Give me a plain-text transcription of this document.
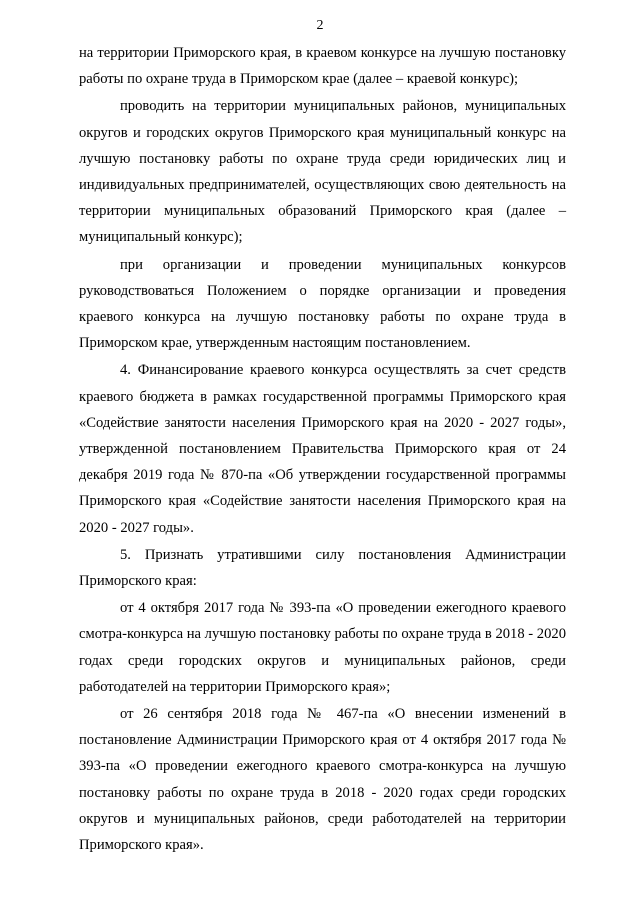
2

на территории Приморского края, в краевом конкурсе на лучшую постановку работы по охране труда в Приморском крае (далее – краевой конкурс);

проводить на территории муниципальных районов, муниципальных округов и городских округов Приморского края муниципальный конкурс на лучшую постановку работы по охране труда среди юридических лиц и индивидуальных предпринимателей, осуществляющих свою деятельность на территории муниципальных образований Приморского края (далее – муниципальный конкурс);

при организации и проведении муниципальных конкурсов руководствоваться Положением о порядке организации и проведения краевого конкурса на лучшую постановку работы по охране труда в Приморском крае, утвержденным настоящим постановлением.

4. Финансирование краевого конкурса осуществлять за счет средств краевого бюджета в рамках государственной программы Приморского края «Содействие занятости населения Приморского края на 2020 - 2027 годы», утвержденной постановлением Правительства Приморского края от 24 декабря 2019 года № 870-па «Об утверждении государственной программы Приморского края «Содействие занятости населения Приморского края на 2020 - 2027 годы».

5. Признать утратившими силу постановления Администрации Приморского края:

от 4 октября 2017 года № 393-па «О проведении ежегодного краевого смотра-конкурса на лучшую постановку работы по охране труда в 2018 - 2020 годах среди городских округов и муниципальных районов, среди работодателей на территории Приморского края»;

от 26 сентября 2018 года № 467-па «О внесении изменений в постановление Администрации Приморского края от 4 октября 2017 года № 393-па «О проведении ежегодного краевого смотра-конкурса на лучшую постановку работы по охране труда в 2018 - 2020 годах среди городских округов и муниципальных районов, среди работодателей на территории Приморского края».
